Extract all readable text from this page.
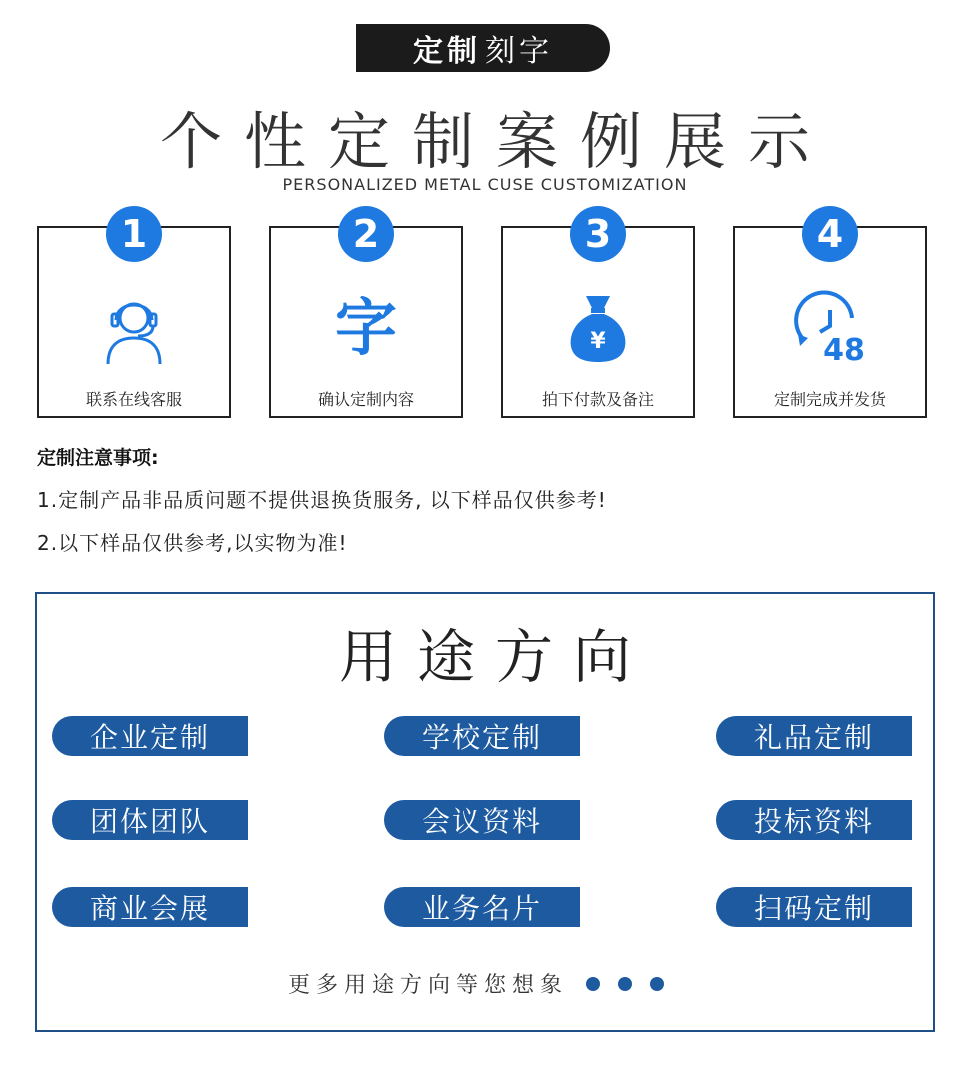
定制 刻字
个性定制案例展示
PERSONALIZED METAL CUSE CUSTOMIZATION
1
联系在线客服
2
字
确认定制内容
3
¥
拍下付款及备注
4
48
定制完成并发货
定制注意事项:
1.定制产品非品质问题不提供退换货服务, 以下样品仅供参考!
2.以下样品仅供参考,以实物为准!
用途方向
企业定制	学校定制	礼品定制
团体团队	会议资料	投标资料
商业会展	业务名片	扫码定制
更多用途方向等您想象
